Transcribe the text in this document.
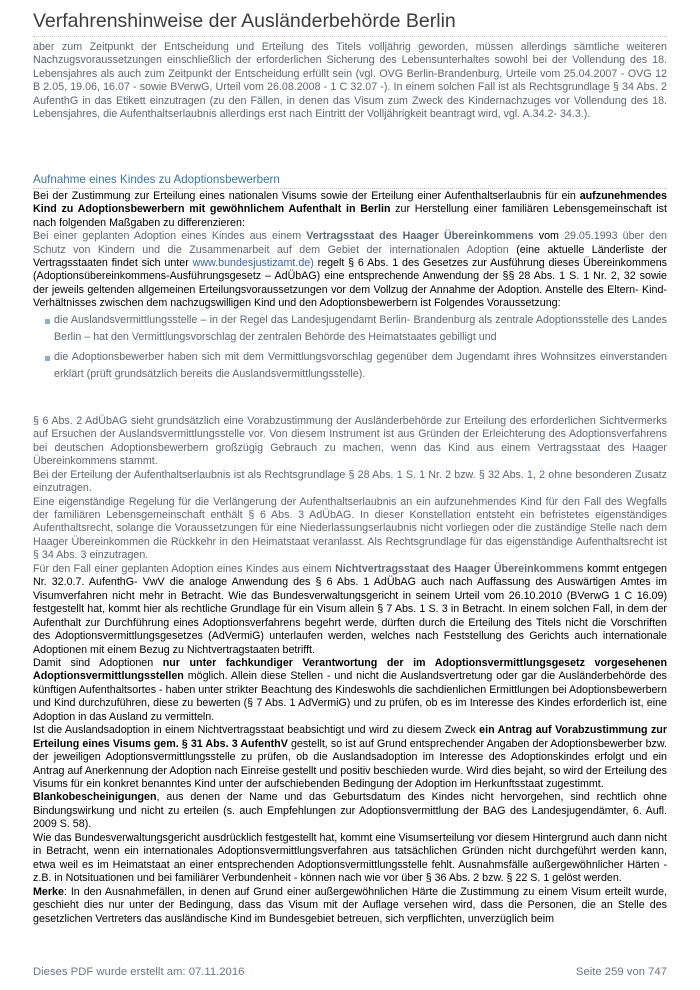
Verfahrenshinweise der Ausländerbehörde Berlin

aber zum Zeitpunkt der Entscheidung und Erteilung des Titels volljährig geworden, müssen allerdings sämtliche weiteren Nachzugsvoraussetzungen einschließlich der erforderlichen Sicherung des Lebensunterhaltes sowohl bei der Vollendung des 18. Lebensjahres als auch zum Zeitpunkt der Entscheidung erfüllt sein (vgl. OVG Berlin-Brandenburg, Urteile vom 25.04.2007 - OVG 12 B 2.05, 19.06, 16.07 - sowie BVerwG, Urteil vom 26.08.2008 - 1 C 32.07 -). In einem solchen Fall ist als Rechtsgrundlage § 34 Abs. 2 AufenthG in das Etikett einzutragen (zu den Fällen, in denen das Visum zum Zweck des Kindernachzuges vor Vollendung des 18. Lebensjahres, die Aufenthaltserlaubnis allerdings erst nach Eintritt der Volljährigkeit beantragt wird, vgl. A.34.2- 34.3.).

Aufnahme eines Kindes zu Adoptionsbewerbern

Bei der Zustimmung zur Erteilung eines nationalen Visums sowie der Erteilung einer Aufenthaltserlaubnis für ein aufzunehmendes Kind zu Adoptionsbewerbern mit gewöhnlichem Aufenthalt in Berlin zur Herstellung einer familiären Lebensgemeinschaft ist nach folgenden Maßgaben zu differenzieren:

Bei einer geplanten Adoption eines Kindes aus einem Vertragsstaat des Haager Übereinkommens vom 29.05.1993 über den Schutz von Kindern und die Zusammenarbeit auf dem Gebiet der internationalen Adoption (eine aktuelle Länderliste der Vertragsstaaten findet sich unter www.bundesjustizamt.de) regelt § 6 Abs. 1 des Gesetzes zur Ausführung dieses Übereinkommens (Adoptionsübereinkommens-Ausführungsgesetz – AdÜbAG) eine entsprechende Anwendung der §§ 28 Abs. 1 S. 1 Nr. 2, 32 sowie der jeweils geltenden allgemeinen Erteilungsvoraussetzungen vor dem Vollzug der Annahme der Adoption. Anstelle des Eltern- Kind- Verhältnisses zwischen dem nachzugswilligen Kind und den Adoptionsbewerbern ist Folgendes Voraussetzung:

die Auslandsvermittlungsstelle – in der Regel das Landesjugendamt Berlin- Brandenburg als zentrale Adoptionsstelle des Landes Berlin – hat den Vermittlungsvorschlag der zentralen Behörde des Heimatstaates gebilligt und
die Adoptionsbewerber haben sich mit dem Vermittlungsvorschlag gegenüber dem Jugendamt ihres Wohnsitzes einverstanden erklärt (prüft grundsätzlich bereits die Auslandsvermittlungsstelle).

§ 6 Abs. 2 AdÜbAG sieht grundsätzlich eine Vorabzustimmung der Ausländerbehörde zur Erteilung des erforderlichen Sichtvermerks auf Ersuchen der Auslandsvermittlungsstelle vor. Von diesem Instrument ist aus Gründen der Erleichterung des Adoptionsverfahrens bei deutschen Adoptionsbewerbern großzügig Gebrauch zu machen, wenn das Kind aus einem Vertragsstaat des Haager Übereinkommens stammt.

Bei der Erteilung der Aufenthaltserlaubnis ist als Rechtsgrundlage § 28 Abs. 1 S. 1 Nr. 2 bzw. § 32 Abs. 1, 2 ohne besonderen Zusatz einzutragen.

Eine eigenständige Regelung für die Verlängerung der Aufenthaltserlaubnis an ein aufzunehmendes Kind für den Fall des Wegfalls der familiären Lebensgemeinschaft enthält § 6 Abs. 3 AdÜbAG. In dieser Konstellation entsteht ein befristetes eigenständiges Aufenthaltsrecht, solange die Voraussetzungen für eine Niederlassungserlaubnis nicht vorliegen oder die zuständige Stelle nach dem Haager Übereinkommen die Rückkehr in den Heimatstaat veranlasst. Als Rechtsgrundlage für das eigenständige Aufenthaltsrecht ist § 34 Abs. 3 einzutragen.

Für den Fall einer geplanten Adoption eines Kindes aus einem Nichtvertragsstaat des Haager Übereinkommens kommt entgegen Nr. 32.0.7. AufenthG- VwV die analoge Anwendung des § 6 Abs. 1 AdÜbAG auch nach Auffassung des Auswärtigen Amtes im Visumverfahren nicht mehr in Betracht. Wie das Bundesverwaltungsgericht in seinem Urteil vom 26.10.2010 (BVerwG 1 C 16.09) festgestellt hat, kommt hier als rechtliche Grundlage für ein Visum allein § 7 Abs. 1 S. 3 in Betracht. In einem solchen Fall, in dem der Aufenthalt zur Durchführung eines Adoptionsverfahrens begehrt werde, dürften durch die Erteilung des Titels nicht die Vorschriften des Adoptionsvermittlungsgesetzes (AdVermiG) unterlaufen werden, welches nach Feststellung des Gerichts auch internationale Adoptionen mit einem Bezug zu Nichtvertragstaaten betrifft.

Damit sind Adoptionen nur unter fachkundiger Verantwortung der im Adoptionsvermittlungsgesetz vorgesehenen Adoptionsvermittlungsstellen möglich. Allein diese Stellen - und nicht die Auslandsvertretung oder gar die Ausländerbehörde des künftigen Aufenthaltsortes - haben unter strikter Beachtung des Kindeswohls die sachdienlichen Ermittlungen bei Adoptionsbewerbern und Kind durchzuführen, diese zu bewerten (§ 7 Abs. 1 AdVermiG) und zu prüfen, ob es im Interesse des Kindes erforderlich ist, eine Adoption in das Ausland zu vermitteln.

Ist die Auslandsadoption in einem Nichtvertragsstaat beabsichtigt und wird zu diesem Zweck ein Antrag auf Vorabzustimmung zur Erteilung eines Visums gem. § 31 Abs. 3 AufenthV gestellt, so ist auf Grund entsprechender Angaben der Adoptionsbewerber bzw. der jeweiligen Adoptionsvermittlungsstelle zu prüfen, ob die Auslandsadoption im Interesse des Adoptionskindes erfolgt und ein Antrag auf Anerkennung der Adoption nach Einreise gestellt und positiv beschieden wurde. Wird dies bejaht, so wird der Erteilung des Visums für ein konkret benanntes Kind unter der aufschiebenden Bedingung der Adoption im Herkunftsstaat zugestimmt.

Blankobescheinigungen, aus denen der Name und das Geburtsdatum des Kindes nicht hervorgehen, sind rechtlich ohne Bindungswirkung und nicht zu erteilen (s. auch Empfehlungen zur Adoptionsvermittlung der BAG des Landesjugendämter, 6. Aufl. 2009 S. 58).

Wie das Bundesverwaltungsgericht ausdrücklich festgestellt hat, kommt eine Visumserteilung vor diesem Hintergrund auch dann nicht in Betracht, wenn ein internationales Adoptionsvermittlungsverfahren aus tatsächlichen Gründen nicht durchgeführt werden kann, etwa weil es im Heimatstaat an einer entsprechenden Adoptionsvermittlungsstelle fehlt. Ausnahmsfälle außergewöhnlicher Härten - z.B. in Notsituationen und bei familiärer Verbundenheit - können nach wie vor über § 36 Abs. 2 bzw. § 22 S. 1 gelöst werden.

Merke: In den Ausnahmefällen, in denen auf Grund einer außergewöhnlichen Härte die Zustimmung zu einem Visum erteilt wurde, geschieht dies nur unter der Bedingung, dass das Visum mit der Auflage versehen wird, dass die Personen, die an Stelle des gesetzlichen Vertreters das ausländische Kind im Bundesgebiet betreuen, sich verpflichten, unverzüglich beim

Dieses PDF wurde erstellt am: 07.11.2016	Seite 259 von 747
